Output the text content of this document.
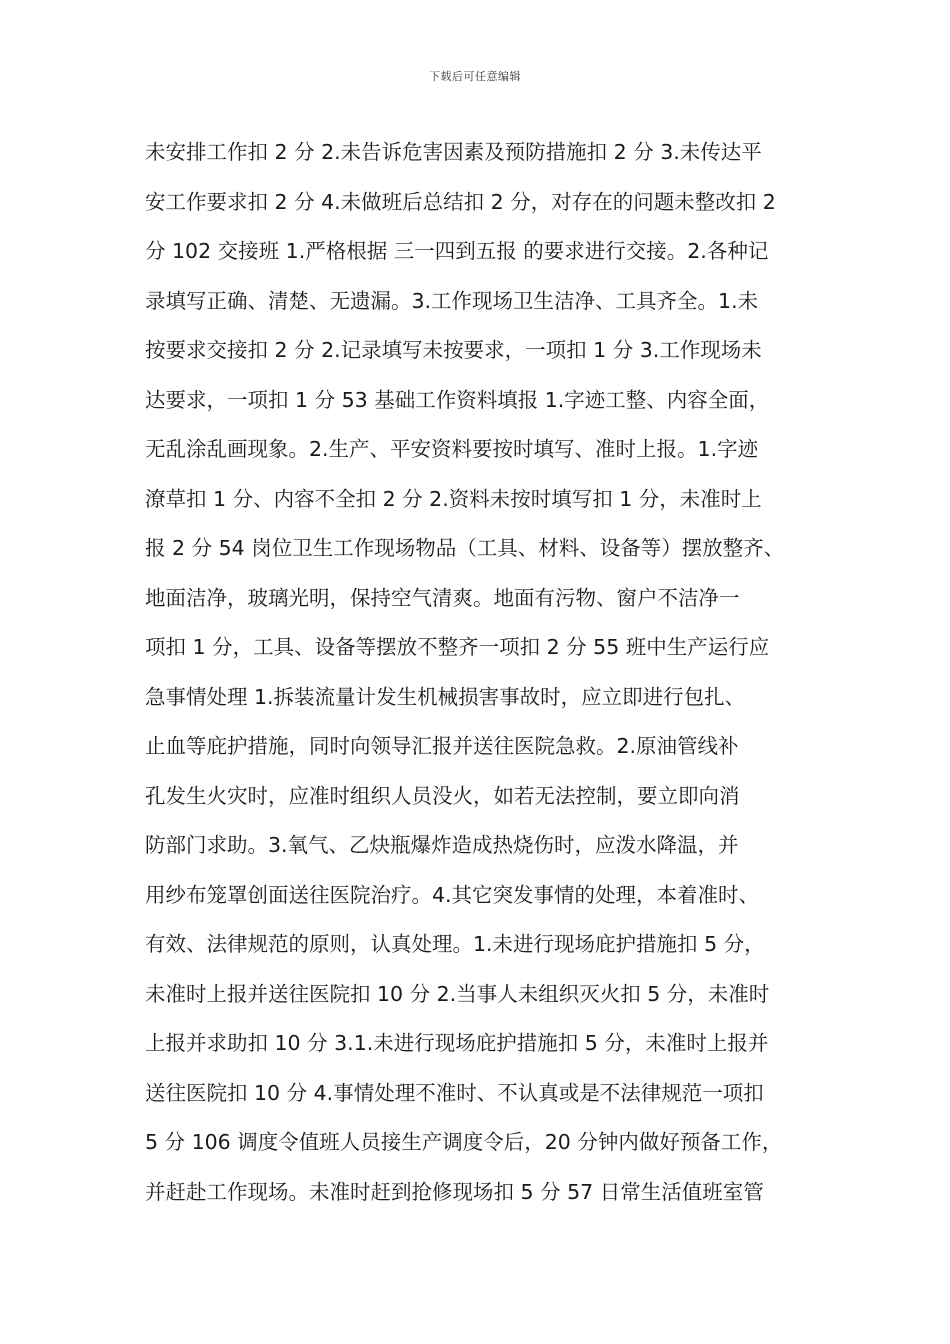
下载后可任意编辑
未安排工作扣 2 分 2.未告诉危害因素及预防措施扣 2 分 3.未传达平
安工作要求扣 2 分 4.未做班后总结扣 2 分，对存在的问题未整改扣 2
分 102 交接班 1.严格根据 三一四到五报 的要求进行交接。2.各种记
录填写正确、清楚、无遗漏。3.工作现场卫生洁净、工具齐全。1.未
按要求交接扣 2 分 2.记录填写未按要求，一项扣 1 分 3.工作现场未
达要求，一项扣 1 分 53 基础工作资料填报 1.字迹工整、内容全面，
无乱涂乱画现象。2.生产、平安资料要按时填写、准时上报。1.字迹
潦草扣 1 分、内容不全扣 2 分 2.资料未按时填写扣 1 分，未准时上
报 2 分 54 岗位卫生工作现场物品（工具、材料、设备等）摆放整齐、
地面洁净，玻璃光明，保持空气清爽。地面有污物、窗户不洁净一
项扣 1 分，工具、设备等摆放不整齐一项扣 2 分 55 班中生产运行应
急事情处理 1.拆装流量计发生机械损害事故时，应立即进行包扎、
止血等庇护措施，同时向领导汇报并送往医院急救。2.原油管线补
孔发生火灾时，应准时组织人员没火，如若无法控制，要立即向消
防部门求助。3.氧气、乙炔瓶爆炸造成热烧伤时，应泼水降温，并
用纱布笼罩创面送往医院治疗。4.其它突发事情的处理，本着准时、
有效、法律规范的原则，认真处理。1.未进行现场庇护措施扣 5 分，
未准时上报并送往医院扣 10 分 2.当事人未组织灭火扣 5 分，未准时
上报并求助扣 10 分 3.1.未进行现场庇护措施扣 5 分，未准时上报并
送往医院扣 10 分 4.事情处理不准时、不认真或是不法律规范一项扣
5 分 106 调度令值班人员接生产调度令后，20 分钟内做好预备工作，
并赶赴工作现场。未准时赶到抢修现场扣 5 分 57 日常生活值班室管
